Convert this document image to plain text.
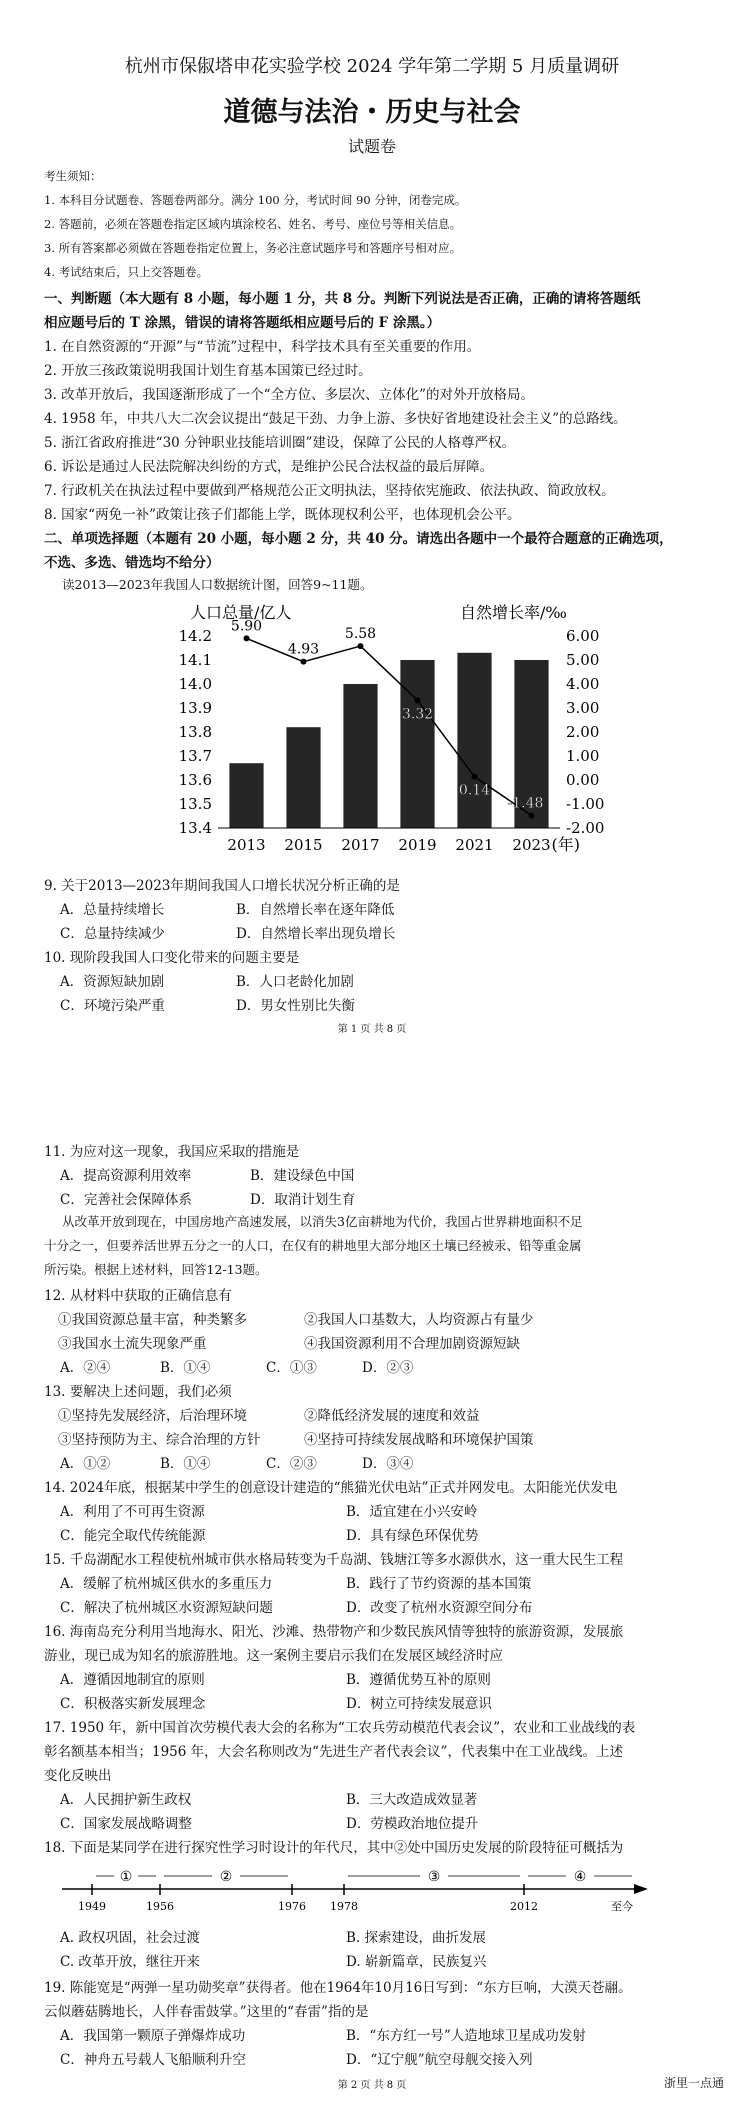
杭州市保俶塔申花实验学校 2024 学年第二学期 5 月质量调研
道德与法治・历史与社会
试题卷
考生须知：
1. 本科目分试题卷、答题卷两部分。满分 100 分，考试时间 90 分钟，闭卷完成。
2. 答题前，必须在答题卷指定区域内填涂校名、姓名、考号、座位号等相关信息。
3. 所有答案都必须做在答题卷指定位置上，务必注意试题序号和答题序号相对应。
4. 考试结束后，只上交答题卷。
一、判断题（本大题有 8 小题，每小题 1 分，共 8 分。判断下列说法是否正确，正确的请将答题纸
相应题号后的 T 涂黑，错误的请将答题纸相应题号后的 F 涂黑。）
1. 在自然资源的“开源”与“节流”过程中，科学技术具有至关重要的作用。
2. 开放三孩政策说明我国计划生育基本国策已经过时。
3. 改革开放后，我国逐渐形成了一个“全方位、多层次、立体化”的对外开放格局。
4. 1958 年，中共八大二次会议提出“鼓足干劲、力争上游、多快好省地建设社会主义”的总路线。
5. 浙江省政府推进“30 分钟职业技能培训圈”建设，保障了公民的人格尊严权。
6. 诉讼是通过人民法院解决纠纷的方式，是维护公民合法权益的最后屏障。
7. 行政机关在执法过程中要做到严格规范公正文明执法，坚持依宪施政、依法执政、简政放权。
8. 国家“两免一补”政策让孩子们都能上学，既体现权利公平，也体现机会公平。
二、单项选择题（本题有 20 小题，每小题 2 分，共 40 分。请选出各题中一个最符合题意的正确选项，
不选、多选、错选均不给分）
读2013—2023年我国人口数据统计图，回答9~11题。
人口总量/亿人	自然增长率/‰
14.2
14.1
14.0
13.9
13.8
13.7
13.6
13.5
13.4
6.00
5.00
4.00
3.00
2.00
1.00
0.00
-1.00
-2.00
5.90
4.93
5.58
3.32
0.14
-1.48
2013 2015 2017 2019 2021 2023 (年)
9. 关于2013—2023年期间我国人口增长状况分析正确的是
A．总量持续增长	B．自然增长率在逐年降低
C．总量持续减少	D．自然增长率出现负增长
10. 现阶段我国人口变化带来的问题主要是
A．资源短缺加剧	B．人口老龄化加剧
C．环境污染严重	D．男女性别比失衡
第 1 页 共 8 页
11. 为应对这一现象，我国应采取的措施是
A．提高资源利用效率	B．建设绿色中国
C．完善社会保障体系	D．取消计划生育
从改革开放到现在，中国房地产高速发展，以消失3亿亩耕地为代价，我国占世界耕地面积不足
十分之一，但要养活世界五分之一的人口，在仅有的耕地里大部分地区土壤已经被汞、铅等重金属
所污染。根据上述材料，回答12-13题。
12. 从材料中获取的正确信息有
①我国资源总量丰富，种类繁多	②我国人口基数大，人均资源占有量少
③我国水土流失现象严重	④我国资源利用不合理加剧资源短缺
A．②④	B．①④	C．①③	D．②③
13. 要解决上述问题，我们必须
①坚持先发展经济，后治理环境	②降低经济发展的速度和效益
③坚持预防为主、综合治理的方针	④坚持可持续发展战略和环境保护国策
A．①②	B．①④	C．②③	D．③④
14. 2024年底，根据某中学生的创意设计建造的“熊猫光伏电站”正式并网发电。太阳能光伏发电
A．利用了不可再生资源	B．适宜建在小兴安岭
C．能完全取代传统能源	D．具有绿色环保优势
15. 千岛湖配水工程使杭州城市供水格局转变为千岛湖、钱塘江等多水源供水，这一重大民生工程
A．缓解了杭州城区供水的多重压力	B．践行了节约资源的基本国策
C．解决了杭州城区水资源短缺问题	D．改变了杭州水资源空间分布
16. 海南岛充分利用当地海水、阳光、沙滩、热带物产和少数民族风情等独特的旅游资源，发展旅
游业，现已成为知名的旅游胜地。这一案例主要启示我们在发展区域经济时应
A．遵循因地制宜的原则	B．遵循优势互补的原则
C．积极落实新发展理念	D．树立可持续发展意识
17. 1950 年，新中国首次劳模代表大会的名称为“工农兵劳动模范代表会议”，农业和工业战线的表
彰名额基本相当；1956 年，大会名称则改为“先进生产者代表会议”，代表集中在工业战线。上述
变化反映出
A．人民拥护新生政权	B．三大改造成效显著
C．国家发展战略调整	D．劳模政治地位提升
18. 下面是某同学在进行探究性学习时设计的年代尺，其中②处中国历史发展的阶段特征可概括为
①	②	③	④
1949	1956	1976 1978	2012	至今
A. 政权巩固，社会过渡	B. 探索建设，曲折发展
C. 改革开放，继往开来	D. 崭新篇章，民族复兴
19. 陈能宽是“两弹一星功勋奖章”获得者。他在1964年10月16日写到：“东方巨响，大漠天苍翮。
云似蘑菇腾地长，人伴春雷鼓掌。”这里的“春雷”指的是
A．我国第一颗原子弹爆炸成功	B．“东方红一号”人造地球卫星成功发射
C．神舟五号载人飞船顺利升空	D．“辽宁舰”航空母舰交接入列
第 2 页 共 8 页	浙里一点通
